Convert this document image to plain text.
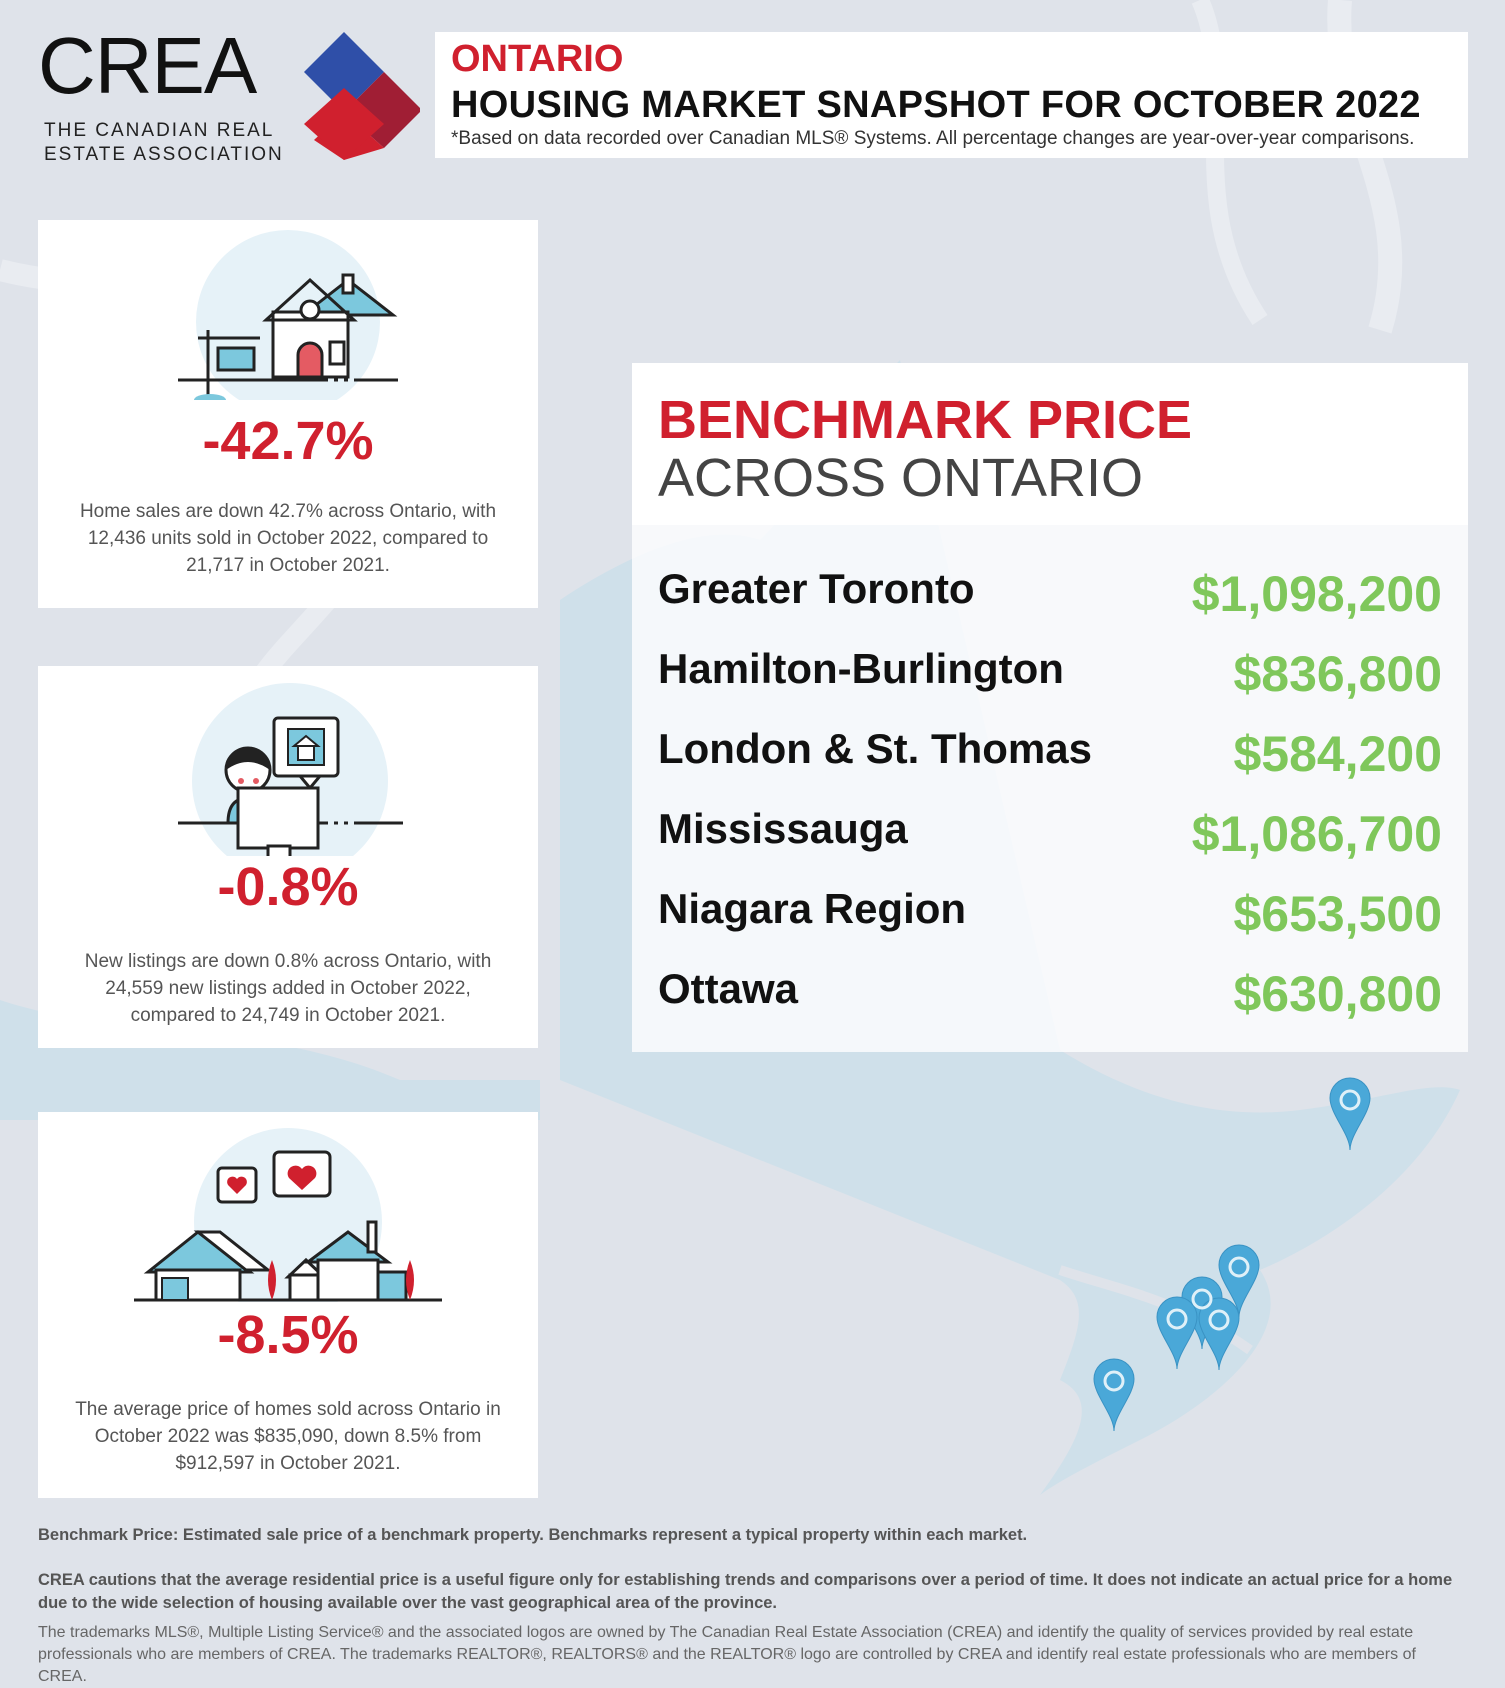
CREA
THE CANADIAN REAL
ESTATE ASSOCIATION
ONTARIO
HOUSING MARKET SNAPSHOT FOR OCTOBER 2022
*Based on data recorded over Canadian MLS® Systems. All percentage changes are year-over-year comparisons.
-42.7%
Home sales are down 42.7% across Ontario, with 12,436 units sold in October 2022, compared to 21,717 in October 2021.
-0.8%
New listings are down 0.8% across Ontario, with 24,559 new listings added in October 2022, compared to 24,749 in October 2021.
-8.5%
The average price of homes sold across Ontario in October 2022 was $835,090, down 8.5% from $912,597 in October 2021.
BENCHMARK PRICE
ACROSS ONTARIO
Greater Toronto	$1,098,200
Hamilton-Burlington	$836,800
London & St. Thomas	$584,200
Mississauga	$1,086,700
Niagara Region	$653,500
Ottawa	$630,800
Benchmark Price: Estimated sale price of a benchmark property. Benchmarks represent a typical property within each market.
CREA cautions that the average residential price is a useful figure only for establishing trends and comparisons over a period of time. It does not indicate an actual price for a home due to the wide selection of housing available over the vast geographical area of the province.
The trademarks MLS®, Multiple Listing Service® and the associated logos are owned by The Canadian Real Estate Association (CREA) and identify the quality of services provided by real estate professionals who are members of CREA. The trademarks REALTOR®, REALTORS® and the REALTOR® logo are controlled by CREA and identify real estate professionals who are members of CREA.
